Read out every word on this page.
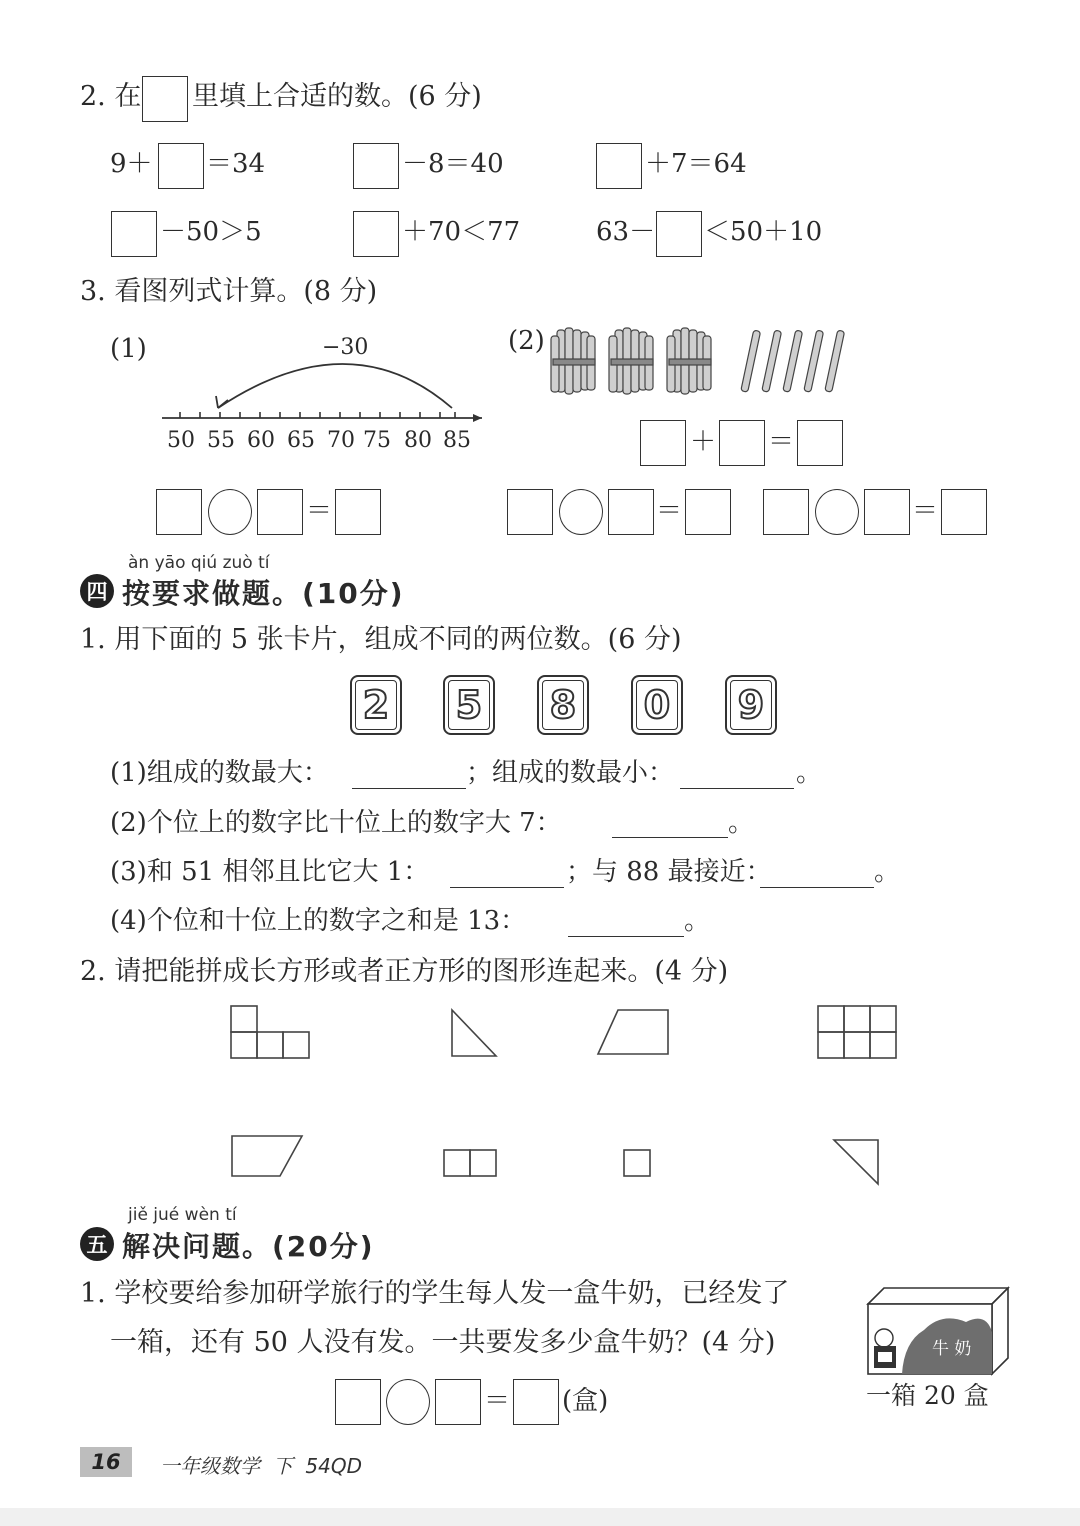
2. 在 里填上合适的数。(6 分)
9＋ ＝34	－8＝40	＋7＝64
－50＞5	＋70＜77	63－ ＜50＋10
3. 看图列式计算。(8 分)
(1)	−30
50 55 60 65 70 75 80 85
＝
(2)
＋ ＝
＝	＝
àn yāo qiú zuò tí
四 按要求做题。(10分)
1. 用下面的 5 张卡片，组成不同的两位数。(6 分)
2 5 8 0 9
(1)组成的数最大：	；组成的数最小：	。
(2)个位上的数字比十位上的数字大 7：	。
(3)和 51 相邻且比它大 1：	；与 88 最接近：	。
(4)个位和十位上的数字之和是 13：	。
2. 请把能拼成长方形或者正方形的图形连起来。(4 分)
jiě jué wèn tí
五 解决问题。(20分)
1. 学校要给参加研学旅行的学生每人发一盒牛奶，已经发了
一箱，还有 50 人没有发。一共要发多少盒牛奶？(4 分)	牛 奶
一箱 20 盒
＝ (盒)
16	一年级数学  下  54QD
